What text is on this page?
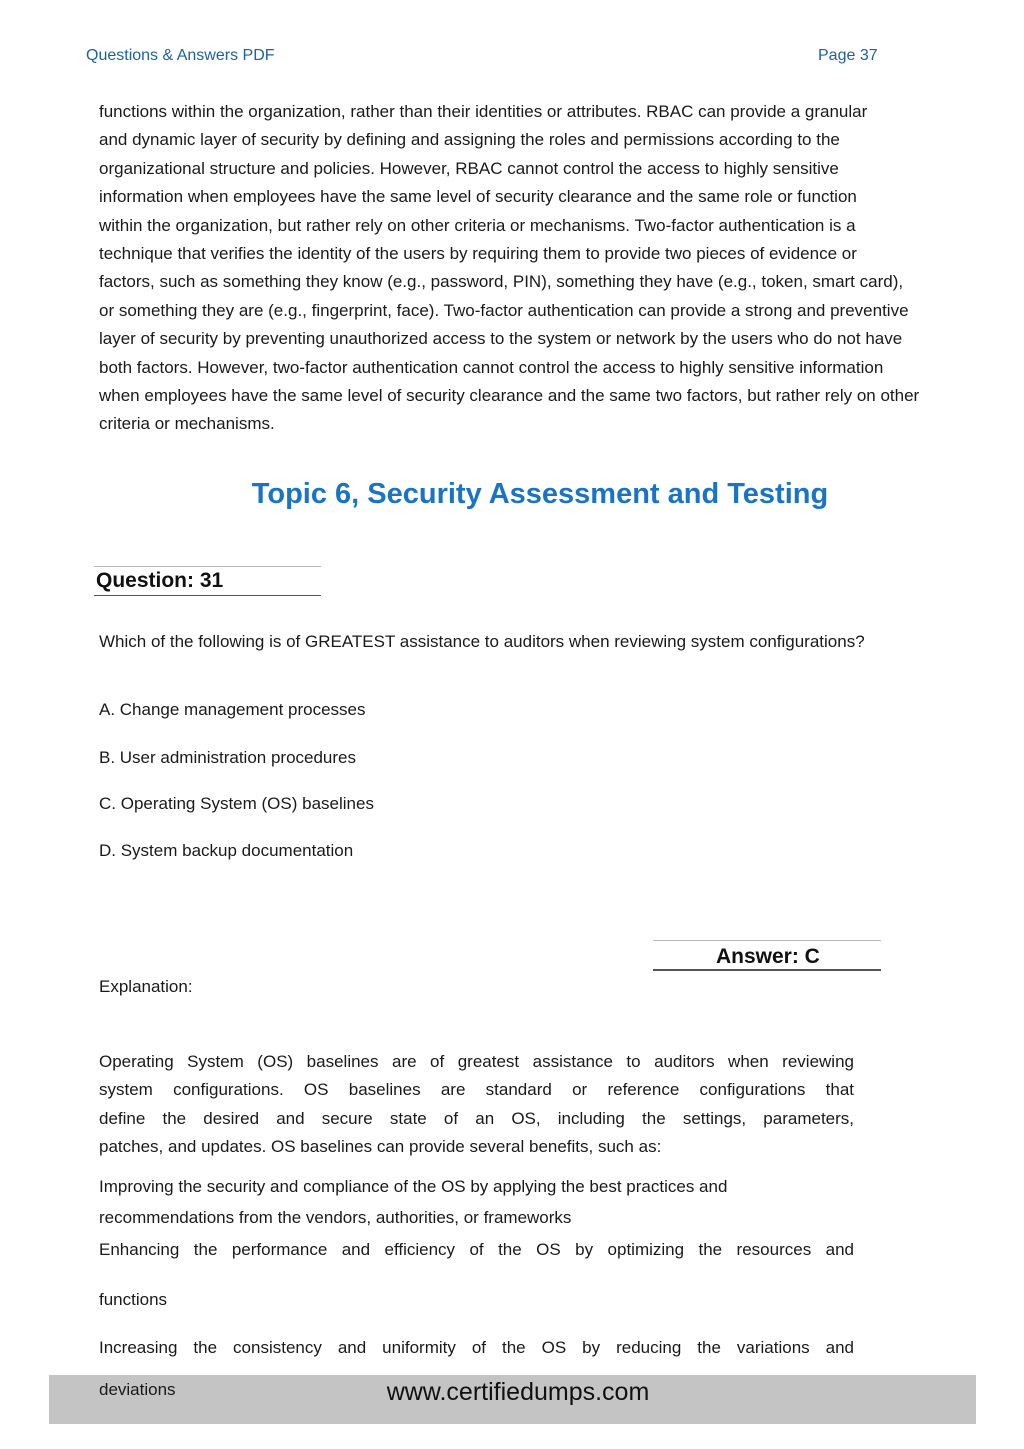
Questions & Answers PDF	Page 37
functions within the organization, rather than their identities or attributes. RBAC can provide a granular
and dynamic layer of security by defining and assigning the roles and permissions according to the
organizational structure and policies. However, RBAC cannot control the access to highly sensitive
information when employees have the same level of security clearance and the same role or function
within the organization, but rather rely on other criteria or mechanisms. Two-factor authentication is a
technique that verifies the identity of the users by requiring them to provide two pieces of evidence or
factors, such as something they know (e.g., password, PIN), something they have (e.g., token, smart card),
or something they are (e.g., fingerprint, face). Two-factor authentication can provide a strong and preventive
layer of security by preventing unauthorized access to the system or network by the users who do not have
both factors. However, two-factor authentication cannot control the access to highly sensitive information
when employees have the same level of security clearance and the same two factors, but rather rely on other
criteria or mechanisms.
Topic 6, Security Assessment and Testing
Question: 31
Which of the following is of GREATEST assistance to auditors when reviewing system configurations?
A. Change management processes
B. User administration procedures
C. Operating System (OS) baselines
D. System backup documentation
Answer: C
Explanation:
Operating System (OS) baselines are of greatest assistance to auditors when reviewing
system configurations. OS baselines are standard or reference configurations that
define the desired and secure state of an OS, including the settings, parameters,
patches, and updates. OS baselines can provide several benefits, such as:
Improving the security and compliance of the OS by applying the best practices and
recommendations from the vendors, authorities, or frameworks
Enhancing the performance and efficiency of the OS by optimizing the resources and
functions
Increasing the consistency and uniformity of the OS by reducing the variations and
deviations	www.certifiedumps.com
